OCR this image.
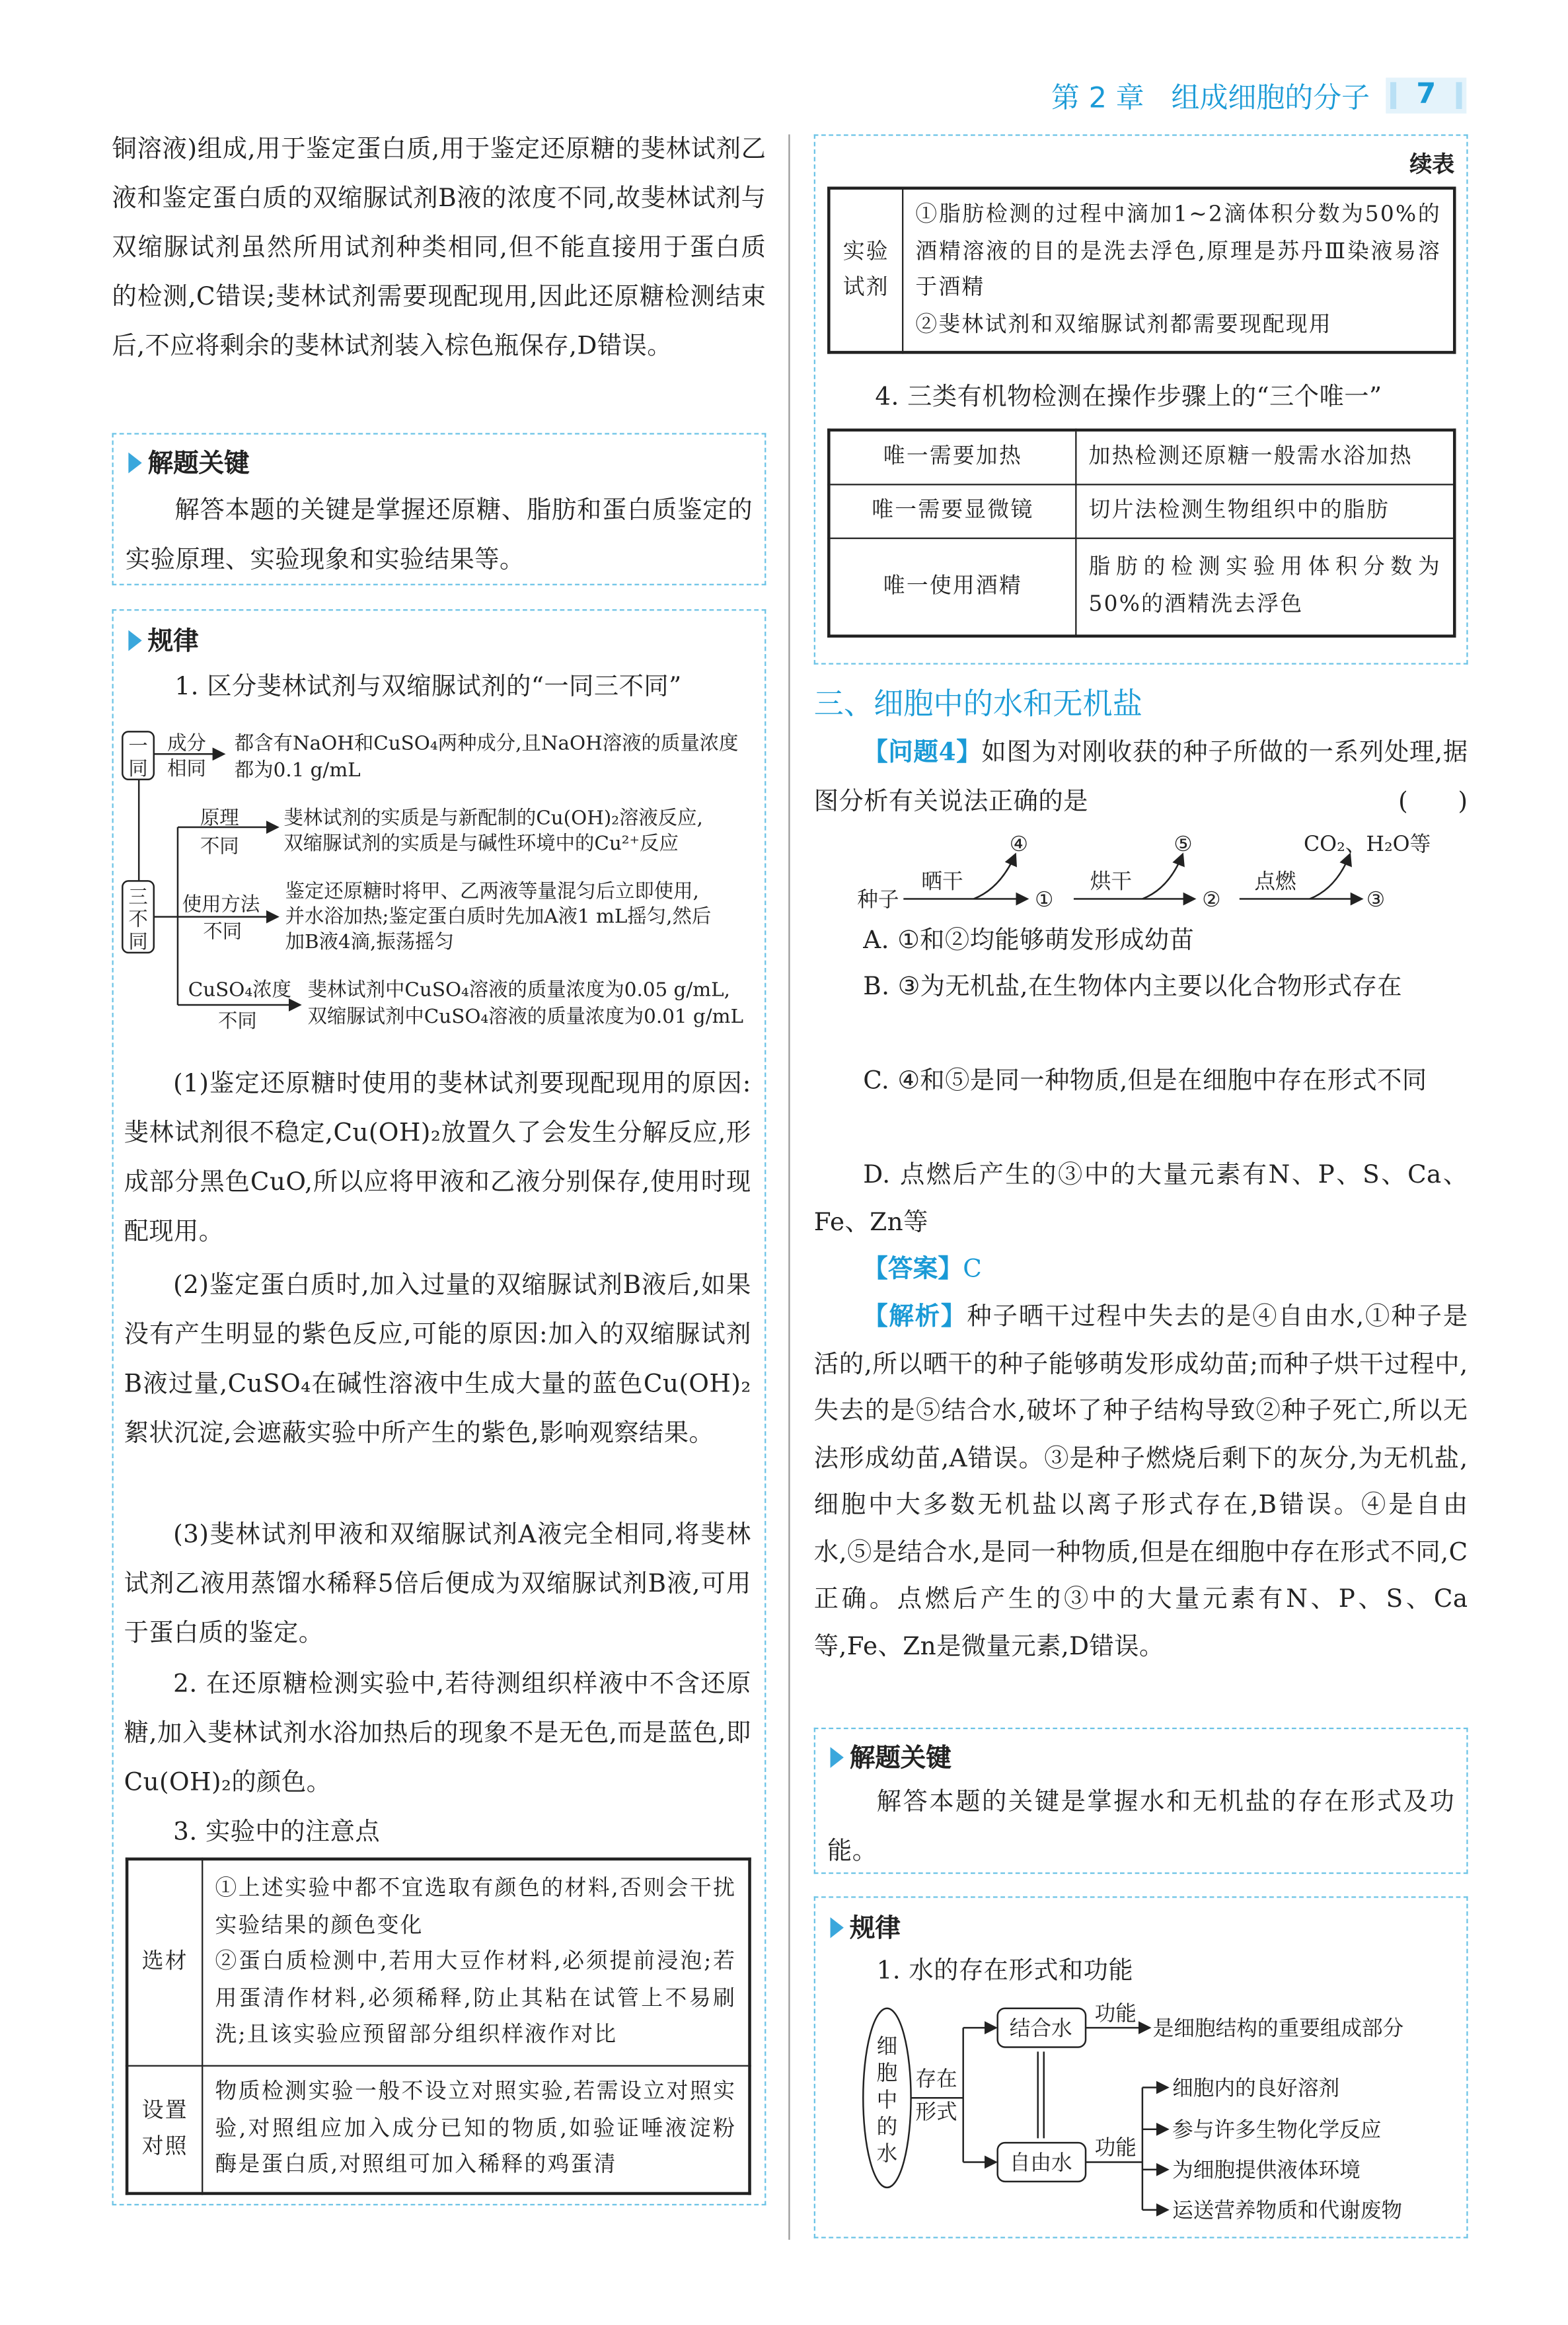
第 2 章 组成细胞的分子	7
铜溶液)组成,用于鉴定蛋白质,用于鉴定还原糖的斐林试剂乙液和鉴定蛋白质的双缩脲试剂B液的浓度不同,故斐林试剂与双缩脲试剂虽然所用试剂种类相同,但不能直接用于蛋白质的检测,C错误;斐林试剂需要现配现用,因此还原糖检测结束后,不应将剩余的斐林试剂装入棕色瓶保存,D错误。
解题关键
解答本题的关键是掌握还原糖、脂肪和蛋白质鉴定的实验原理、实验现象和实验结果等。
规律
1. 区分斐林试剂与双缩脲试剂的“一同三不同”
一
同
三
不
同
成分
相同
都含有NaOH和CuSO₄两种成分,且NaOH溶液的质量浓度
都为0.1 g/mL
原理
不同
斐林试剂的实质是与新配制的Cu(OH)₂溶液反应,
双缩脲试剂的实质是与碱性环境中的Cu²⁺反应
使用方法
不同
鉴定还原糖时将甲、乙两液等量混匀后立即使用,
并水浴加热;鉴定蛋白质时先加A液1 mL摇匀,然后
加B液4滴,振荡摇匀
CuSO₄浓度
不同
斐林试剂中CuSO₄溶液的质量浓度为0.05 g/mL,
双缩脲试剂中CuSO₄溶液的质量浓度为0.01 g/mL
(1)鉴定还原糖时使用的斐林试剂要现配现用的原因:斐林试剂很不稳定,Cu(OH)₂放置久了会发生分解反应,形成部分黑色CuO,所以应将甲液和乙液分别保存,使用时现配现用。
(2)鉴定蛋白质时,加入过量的双缩脲试剂B液后,如果没有产生明显的紫色反应,可能的原因:加入的双缩脲试剂B液过量,CuSO₄在碱性溶液中生成大量的蓝色Cu(OH)₂絮状沉淀,会遮蔽实验中所产生的紫色,影响观察结果。
(3)斐林试剂甲液和双缩脲试剂A液完全相同,将斐林试剂乙液用蒸馏水稀释5倍后便成为双缩脲试剂B液,可用于蛋白质的鉴定。
2. 在还原糖检测实验中,若待测组织样液中不含还原糖,加入斐林试剂水浴加热后的现象不是无色,而是蓝色,即Cu(OH)₂的颜色。
3. 实验中的注意点
选材	①上述实验中都不宜选取有颜色的材料,否则会干扰实验结果的颜色变化
②蛋白质检测中,若用大豆作材料,必须提前浸泡;若用蛋清作材料,必须稀释,防止其粘在试管上不易刷洗;且该实验应预留部分组织样液作对比

设置对照	物质检测实验一般不设立对照实验,若需设立对照实验,对照组应加入成分已知的物质,如验证唾液淀粉酶是蛋白质,对照组可加入稀释的鸡蛋清
续表
实验试剂	
①脂肪检测的过程中滴加1~2滴体积分数为50%的酒精溶液的目的是洗去浮色,原理是苏丹Ⅲ染液易溶于酒精
②斐林试剂和双缩脲试剂都需要现配现用
4. 三类有机物检测在操作步骤上的“三个唯一”
唯一需要加热	加热检测还原糖一般需水浴加热
唯一需要显微镜	切片法检测生物组织中的脂肪
唯一使用酒精	脂肪的检测实验用体积分数为50%的酒精洗去浮色
三、细胞中的水和无机盐
【问题4】如图为对刚收获的种子所做的一系列处理,据图分析有关说法正确的是	(　　)
种子
晒干	烘干	点燃
①	②	③
④	⑤	CO₂、H₂O等
A. ①和②均能够萌发形成幼苗
B. ③为无机盐,在生物体内主要以化合物形式存在
C. ④和⑤是同一种物质,但是在细胞中存在形式不同
D. 点燃后产生的③中的大量元素有N、P、S、Ca、Fe、Zn等
【答案】C
【解析】种子晒干过程中失去的是④自由水,①种子是活的,所以晒干的种子能够萌发形成幼苗;而种子烘干过程中,失去的是⑤结合水,破坏了种子结构导致②种子死亡,所以无法形成幼苗,A错误。③是种子燃烧后剩下的灰分,为无机盐,细胞中大多数无机盐以离子形式存在,B错误。④是自由水,⑤是结合水,是同一种物质,但是在细胞中存在形式不同,C正确。点燃后产生的③中的大量元素有N、P、S、Ca等,Fe、Zn是微量元素,D错误。
解题关键
解答本题的关键是掌握水和无机盐的存在形式及功能。
规律
1. 水的存在形式和功能
细
胞
中
的
水
存在
形式
结合水
自由水
功能
功能
是细胞结构的重要组成部分
细胞内的良好溶剂
参与许多生物化学反应
为细胞提供液体环境
运送营养物质和代谢废物
